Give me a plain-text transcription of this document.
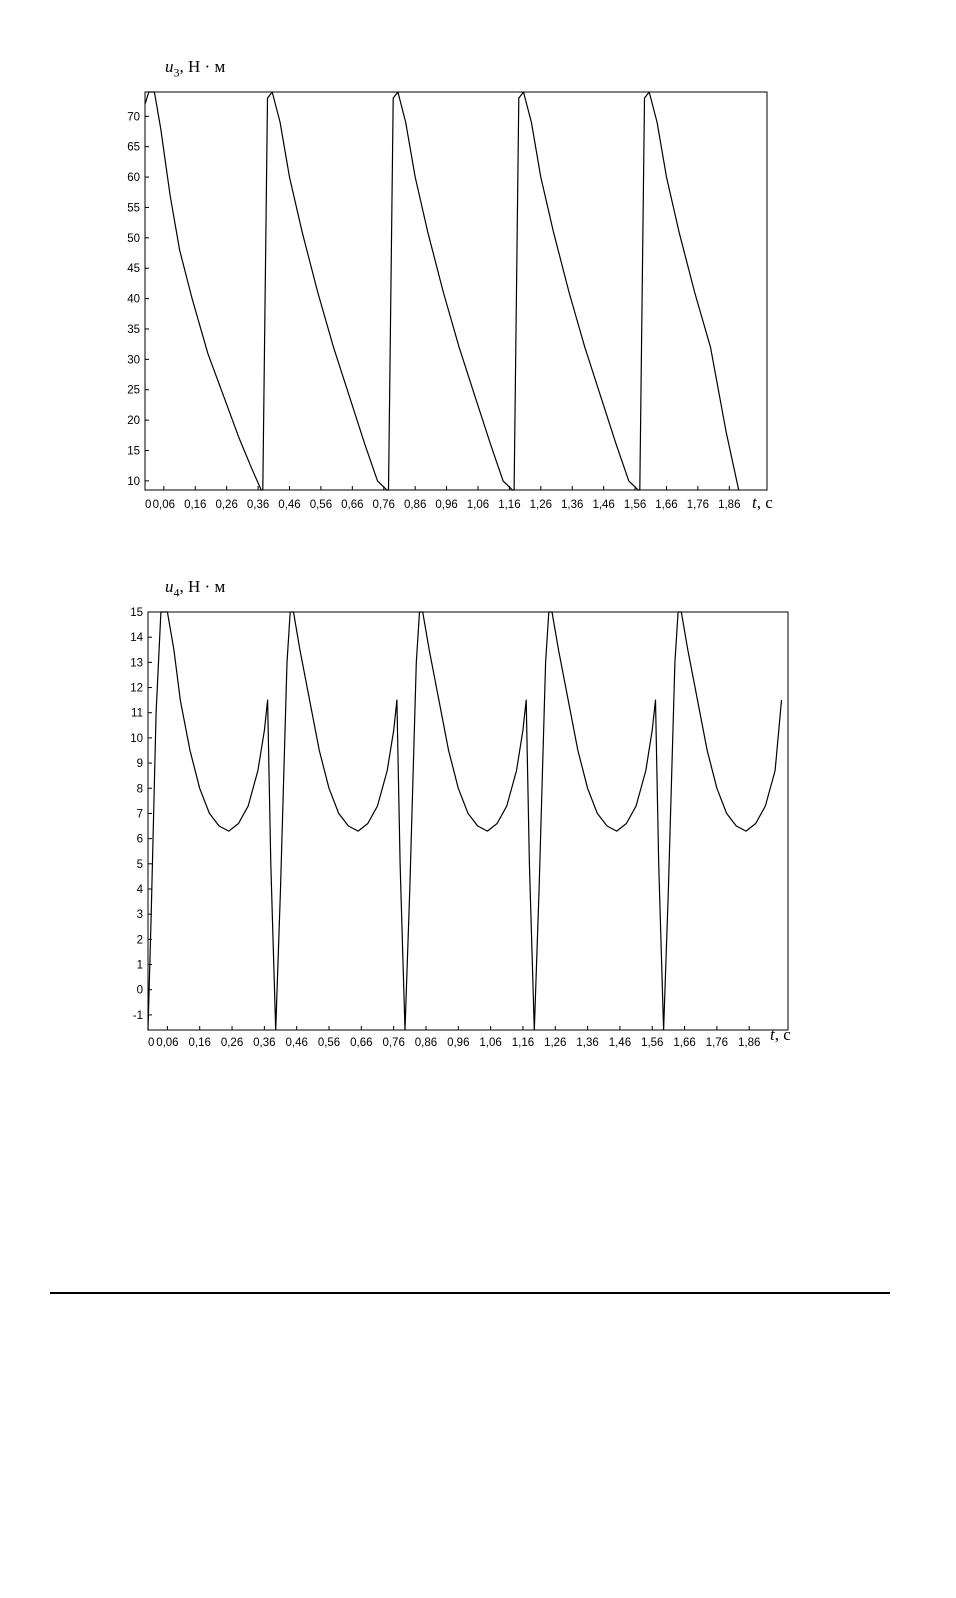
$u_3$, Н · м
10
15
20
25
30
35
40
45
50
55
60
65
70
0 0,06 0,16 0,26 0,36 0,46 0,56 0,66 0,76 0,86 0,96 1,06 1,16 1,26 1,36 1,46 1,56 1,66 1,76 1,86 t, с
$u_4$, Н · м
-1
0
1
2
3
4
5
6
7
8
9
10
11
12
13
14
15
0 0,06 0,16 0,26 0,36 0,46 0,56 0,66 0,76 0,86 0,96 1,06 1,16 1,26 1,36 1,46 1,56 1,66 1,76 1,86 t, с
